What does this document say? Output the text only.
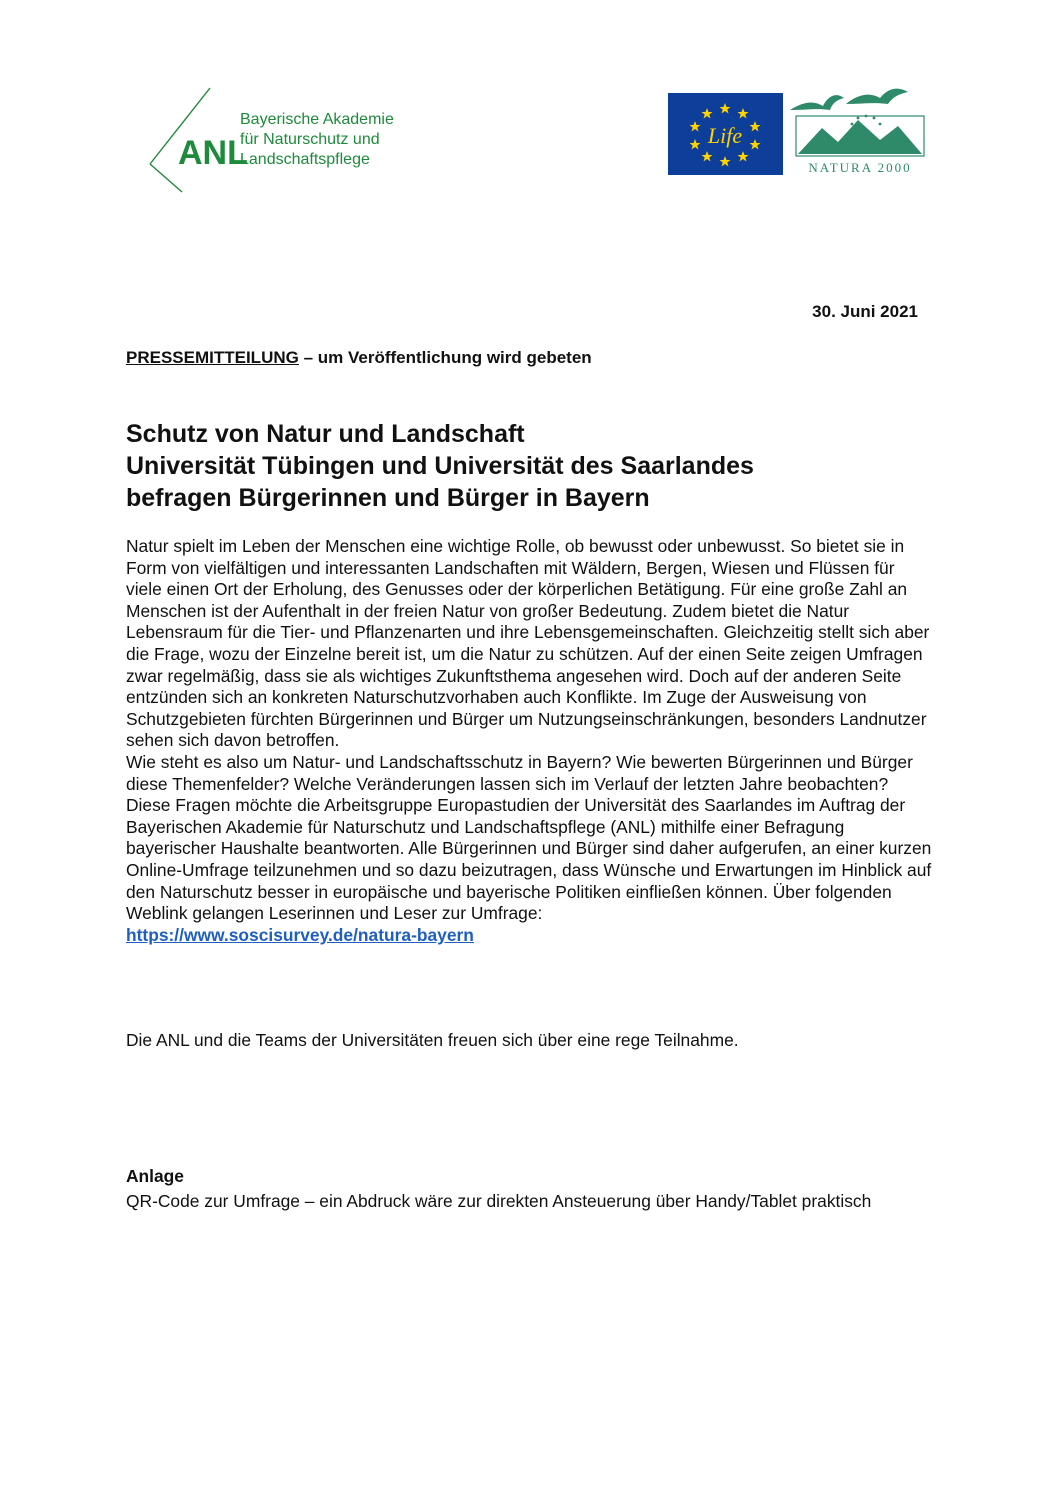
ANL
Bayerische Akademie
für Naturschutz und
Landschaftspflege
Life
NATURA 2000
30. Juni 2021
PRESSEMITTEILUNG – um Veröffentlichung wird gebeten
Schutz von Natur und Landschaft
Universität Tübingen und Universität des Saarlandes
befragen Bürgerinnen und Bürger in Bayern

Natur spielt im Leben der Menschen eine wichtige Rolle, ob bewusst oder unbewusst. So bietet sie in Form von vielfältigen und interessanten Landschaften mit Wäldern, Bergen, Wiesen und Flüssen für viele einen Ort der Erholung, des Genusses oder der körperlichen Betätigung. Für eine große Zahl an Menschen ist der Aufenthalt in der freien Natur von großer Bedeutung. Zudem bietet die Natur Lebensraum für die Tier- und Pflanzenarten und ihre Lebensgemeinschaften. Gleichzeitig stellt sich aber die Frage, wozu der Einzelne bereit ist, um die Natur zu schützen. Auf der einen Seite zeigen Umfragen zwar regelmäßig, dass sie als wichtiges Zukunftsthema angesehen wird. Doch auf der anderen Seite entzünden sich an konkreten Naturschutzvorhaben auch Konflikte. Im Zuge der Ausweisung von Schutzgebieten fürchten Bürgerinnen und Bürger um Nutzungseinschränkungen, besonders Landnutzer sehen sich davon betroffen.

Wie steht es also um Natur- und Landschaftsschutz in Bayern? Wie bewerten Bürgerinnen und Bürger diese Themenfelder? Welche Veränderungen lassen sich im Verlauf der letzten Jahre beobachten? Diese Fragen möchte die Arbeitsgruppe Europastudien der Universität des Saarlandes im Auftrag der Bayerischen Akademie für Naturschutz und Landschaftspflege (ANL) mithilfe einer Befragung bayerischer Haushalte beantworten. Alle Bürgerinnen und Bürger sind daher aufgerufen, an einer kurzen Online-Umfrage teilzunehmen und so dazu beizutragen, dass Wünsche und Erwartungen im Hinblick auf den Naturschutz besser in europäische und bayerische Politiken einfließen können. Über folgenden Weblink gelangen Leserinnen und Leser zur Umfrage:

https://www.soscisurvey.de/natura-bayern

Die ANL und die Teams der Universitäten freuen sich über eine rege Teilnahme.
Anlage
QR-Code zur Umfrage – ein Abdruck wäre zur direkten Ansteuerung über Handy/Tablet praktisch
